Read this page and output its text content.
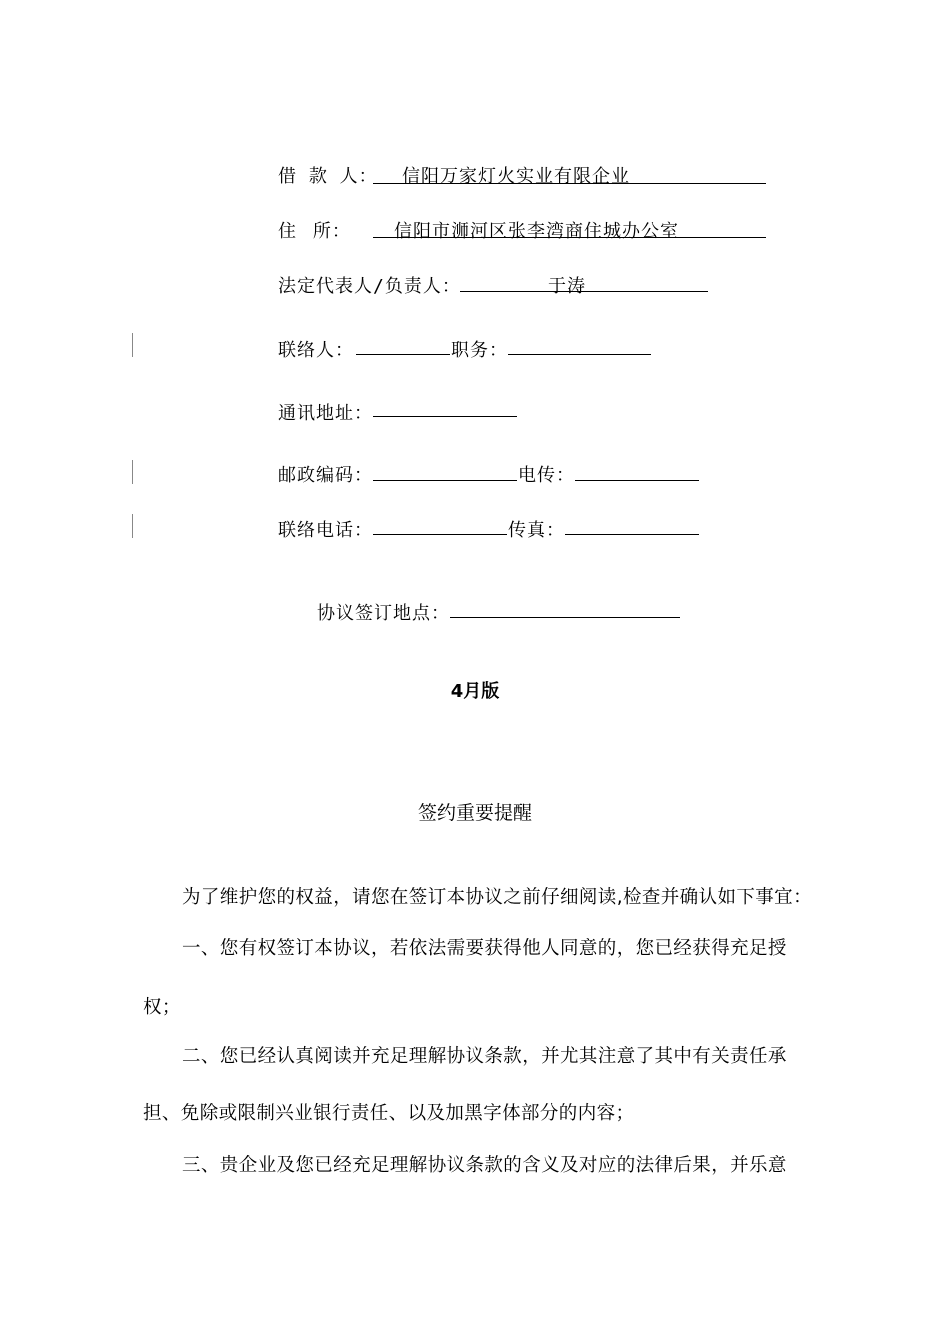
借 款 人： 信阳万家灯火实业有限企业
住 所： 信阳市浉河区张李湾商住城办公室
法定代表人/负责人：	于涛
联络人：	职务：
通讯地址：
邮政编码：	电传：
联络电话：	传真：
协议签订地点：
4月版
签约重要提醒
为了维护您的权益，请您在签订本协议之前仔细阅读,检查并确认如下事宜：
一、您有权签订本协议，若依法需要获得他人同意的，您已经获得充足授
权；
二、您已经认真阅读并充足理解协议条款，并尤其注意了其中有关责任承
担、免除或限制兴业银行责任、以及加黑字体部分的内容；
三、贵企业及您已经充足理解协议条款的含义及对应的法律后果，并乐意
